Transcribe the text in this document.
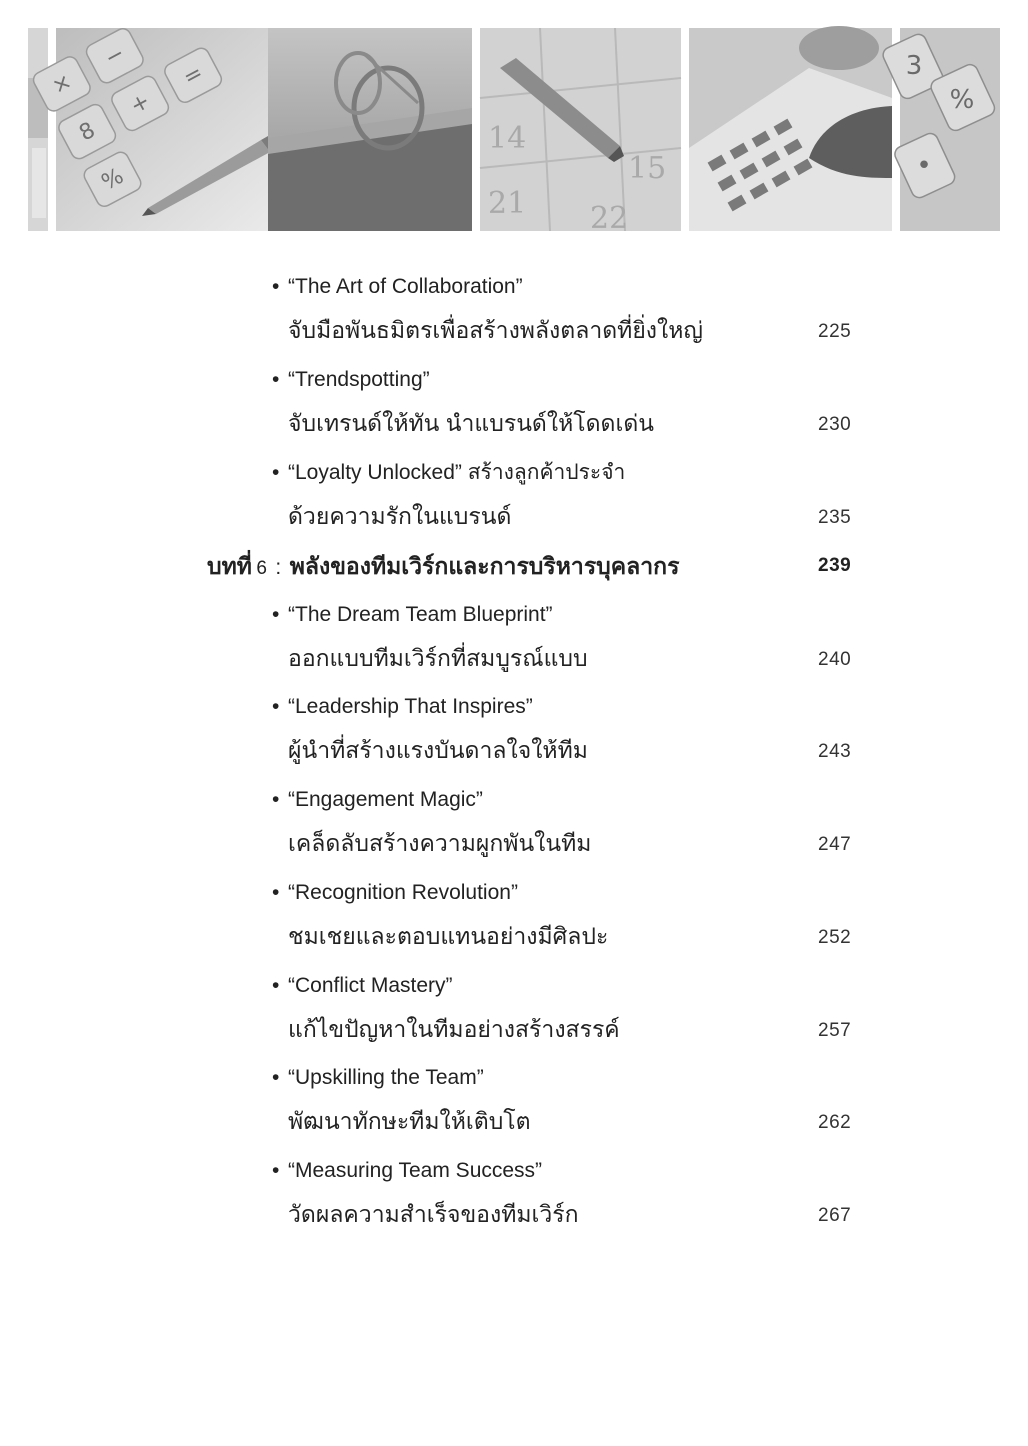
×
−
+
=
%
8	14
15
21 22
3
%
•
• “The Art of Collaboration”
จับมือพันธมิตรเพื่อสร้างพลังตลาดที่ยิ่งใหญ่	225
• “Trendspotting”
จับเทรนด์ให้ทัน นำแบรนด์ให้โดดเด่น	230
• “Loyalty Unlocked” สร้างลูกค้าประจำ
ด้วยความรักในแบรนด์	235
บทที่ 6 : พลังของทีมเวิร์กและการบริหารบุคลากร	239
• “The Dream Team Blueprint”
ออกแบบทีมเวิร์กที่สมบูรณ์แบบ	240
• “Leadership That Inspires”
ผู้นำที่สร้างแรงบันดาลใจให้ทีม	243
• “Engagement Magic”
เคล็ดลับสร้างความผูกพันในทีม	247
• “Recognition Revolution”
ชมเชยและตอบแทนอย่างมีศิลปะ	252
• “Conflict Mastery”
แก้ไขปัญหาในทีมอย่างสร้างสรรค์	257
• “Upskilling the Team”
พัฒนาทักษะทีมให้เติบโต	262
• “Measuring Team Success”
วัดผลความสำเร็จของทีมเวิร์ก	267
